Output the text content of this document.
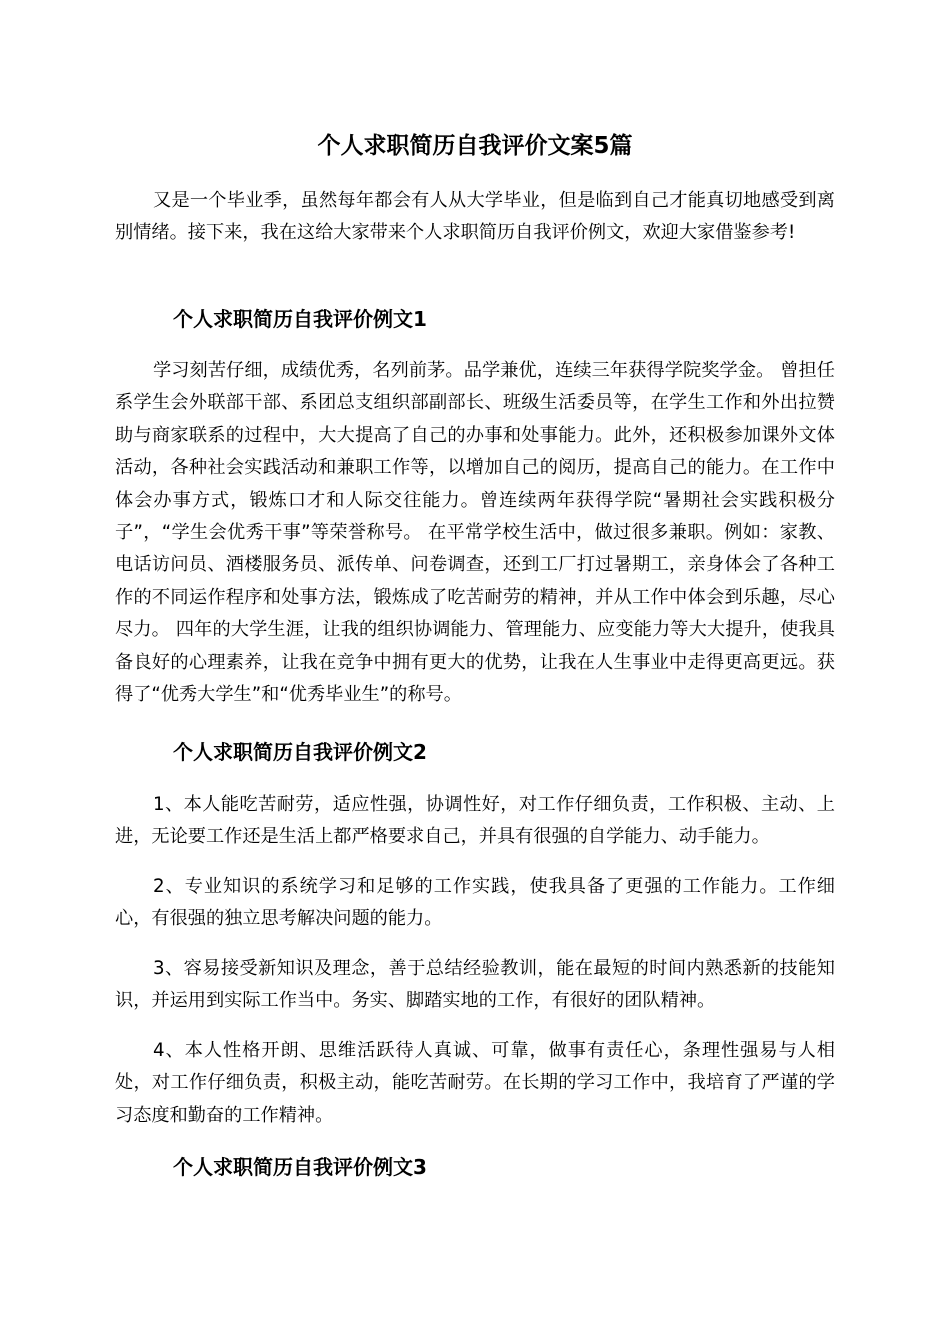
个人求职简历自我评价文案5篇

又是一个毕业季，虽然每年都会有人从大学毕业，但是临到自己才能真切地感受到离别情绪。接下来，我在这给大家带来个人求职简历自我评价例文，欢迎大家借鉴参考!

个人求职简历自我评价例文1

学习刻苦仔细，成绩优秀，名列前茅。品学兼优，连续三年获得学院奖学金。 曾担任系学生会外联部干部、系团总支组织部副部长、班级生活委员等，在学生工作和外出拉赞助与商家联系的过程中，大大提高了自己的办事和处事能力。此外，还积极参加课外文体活动，各种社会实践活动和兼职工作等，以增加自己的阅历，提高自己的能力。在工作中体会办事方式，锻炼口才和人际交往能力。曾连续两年获得学院“暑期社会实践积极分子”，“学生会优秀干事”等荣誉称号。 在平常学校生活中，做过很多兼职。例如：家教、电话访问员、酒楼服务员、派传单、问卷调查，还到工厂打过暑期工，亲身体会了各种工作的不同运作程序和处事方法，锻炼成了吃苦耐劳的精神，并从工作中体会到乐趣，尽心尽力。 四年的大学生涯，让我的组织协调能力、管理能力、应变能力等大大提升，使我具备良好的心理素养，让我在竞争中拥有更大的优势，让我在人生事业中走得更高更远。获得了“优秀大学生”和“优秀毕业生”的称号。

个人求职简历自我评价例文2

1、本人能吃苦耐劳，适应性强，协调性好，对工作仔细负责，工作积极、主动、上进，无论要工作还是生活上都严格要求自己，并具有很强的自学能力、动手能力。

2、专业知识的系统学习和足够的工作实践，使我具备了更强的工作能力。工作细心，有很强的独立思考解决问题的能力。

3、容易接受新知识及理念，善于总结经验教训，能在最短的时间内熟悉新的技能知识，并运用到实际工作当中。务实、脚踏实地的工作，有很好的团队精神。

4、本人性格开朗、思维活跃待人真诚、可靠，做事有责任心，条理性强易与人相处，对工作仔细负责，积极主动，能吃苦耐劳。在长期的学习工作中，我培育了严谨的学习态度和勤奋的工作精神。

个人求职简历自我评价例文3
